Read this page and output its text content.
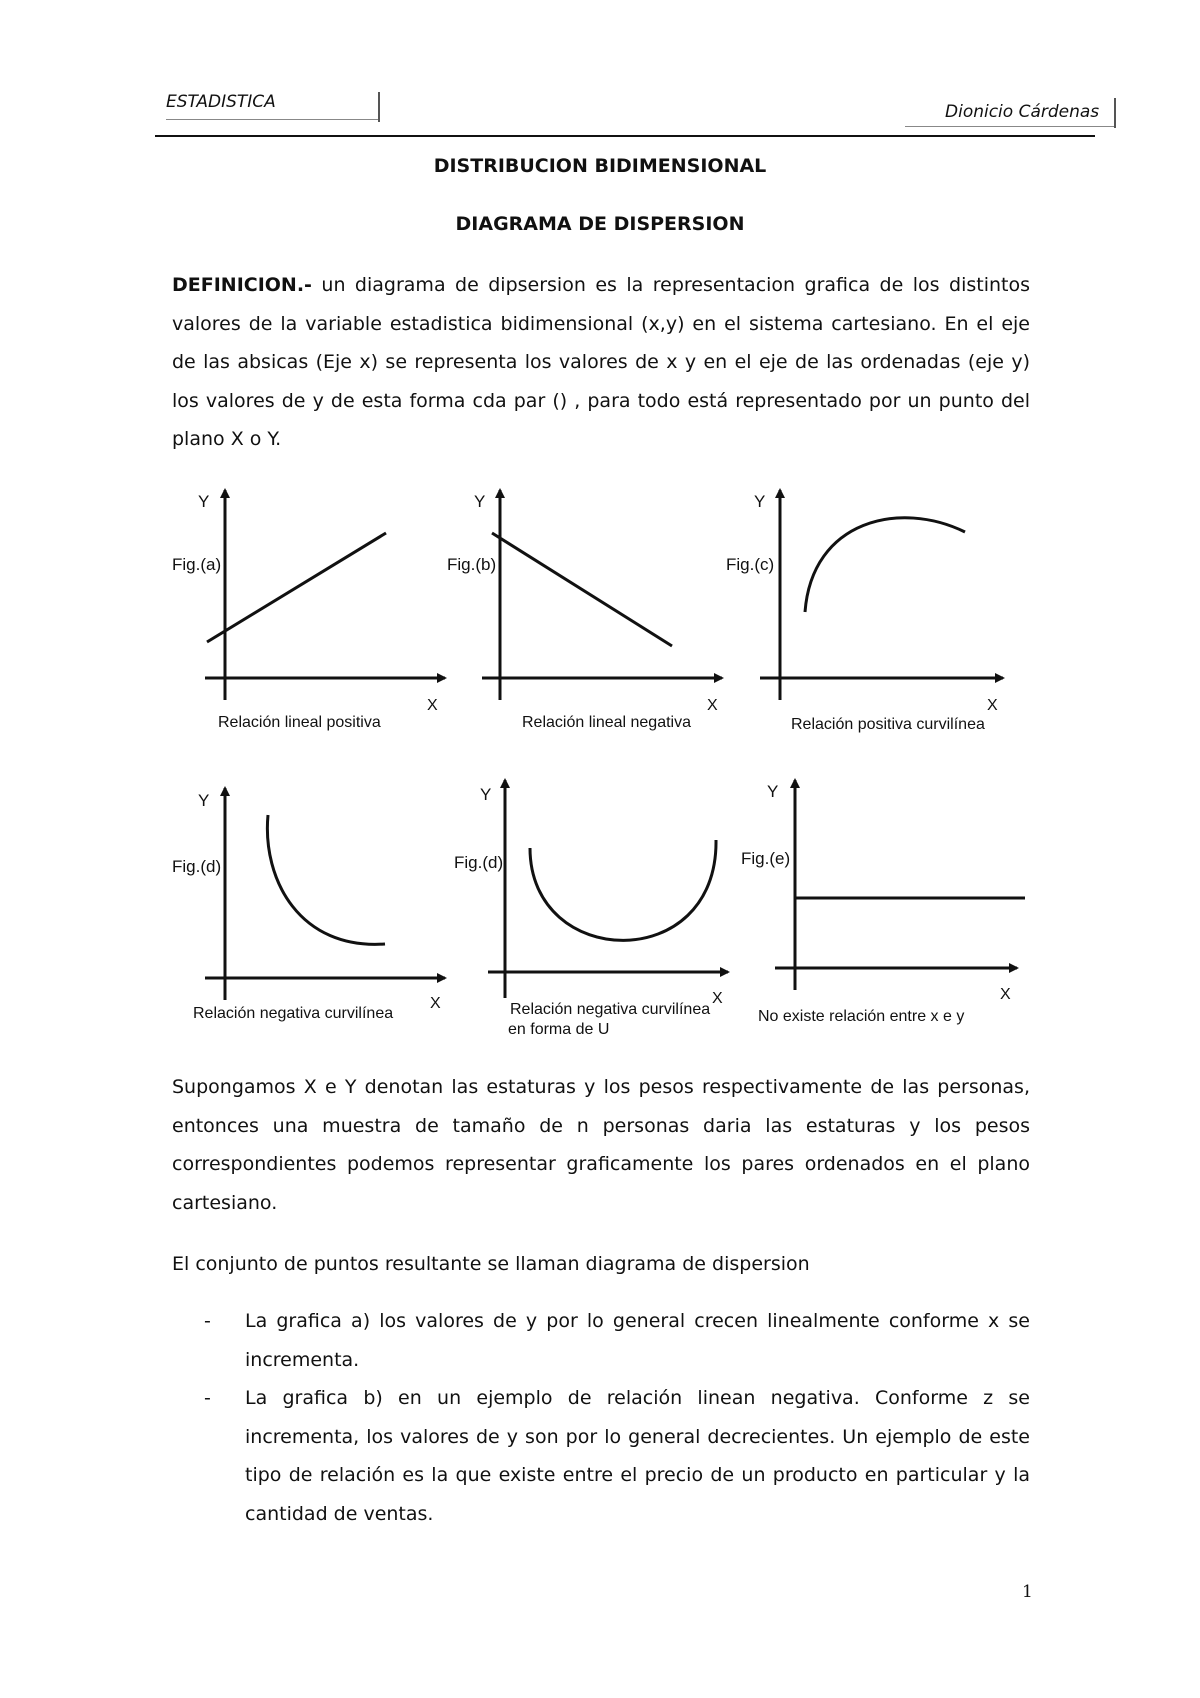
ESTADISTICA	Dionicio Cárdenas
DISTRIBUCION BIDIMENSIONAL
DIAGRAMA DE DISPERSION

DEFINICION.- un diagrama de dipsersion es la representacion grafica de los distintos valores de la variable estadistica bidimensional (x,y) en el sistema cartesiano. En el eje de las absicas (Eje x) se representa los valores de x y en el eje de las ordenadas (eje y) los valores de y de esta forma cda par () , para todo está representado por un punto del plano X o Y.

Y
X
Fig.(a)
Relación lineal positiva
Y
X
Fig.(b)
Relación lineal negativa
Y
X
Fig.(c)
Relación positiva curvilínea
Y
X
Fig.(d)
Relación negativa curvilínea
Y
X
Fig.(d)
Relación negativa curvilínea
en forma de U
Y
X
Fig.(e)
No existe relación entre x e y

Supongamos X e Y denotan las estaturas y los pesos respectivamente de las personas, entonces una muestra de tamaño de n personas daria las estaturas y los pesos correspondientes podemos representar graficamente los pares ordenados en el plano cartesiano.

El conjunto de puntos resultante se llaman diagrama de dispersion

- La grafica a) los valores de y por lo general crecen linealmente conforme x se incrementa.
- La grafica b) en un ejemplo de relación linean negativa. Conforme z se incrementa, los valores de y son por lo general decrecientes. Un ejemplo de este tipo de relación es la que existe entre el precio de un producto en particular y la cantidad de ventas.
1
